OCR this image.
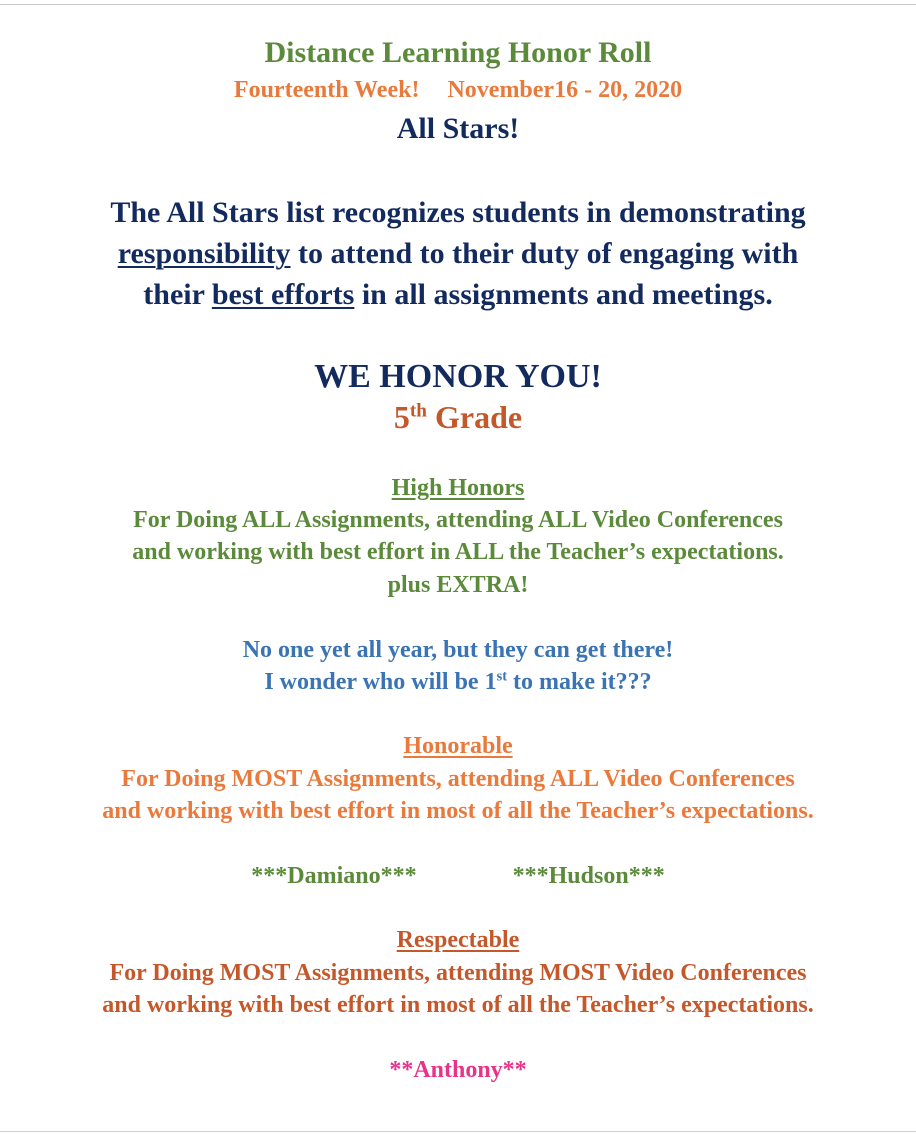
Distance Learning Honor Roll
Fourteenth Week! November16 - 20, 2020
All Stars!
The All Stars list recognizes students in demonstrating
responsibility to attend to their duty of engaging with
their best efforts in all assignments and meetings.
WE HONOR YOU!
5th Grade
High Honors
For Doing ALL Assignments, attending ALL Video Conferences
and working with best effort in ALL the Teacher’s expectations.
plus EXTRA!
No one yet all year, but they can get there!
I wonder who will be 1st to make it???
Honorable
For Doing MOST Assignments, attending ALL Video Conferences
and working with best effort in most of all the Teacher’s expectations.
***Damiano***	***Hudson***
Respectable
For Doing MOST Assignments, attending MOST Video Conferences
and working with best effort in most of all the Teacher’s expectations.
**Anthony**
